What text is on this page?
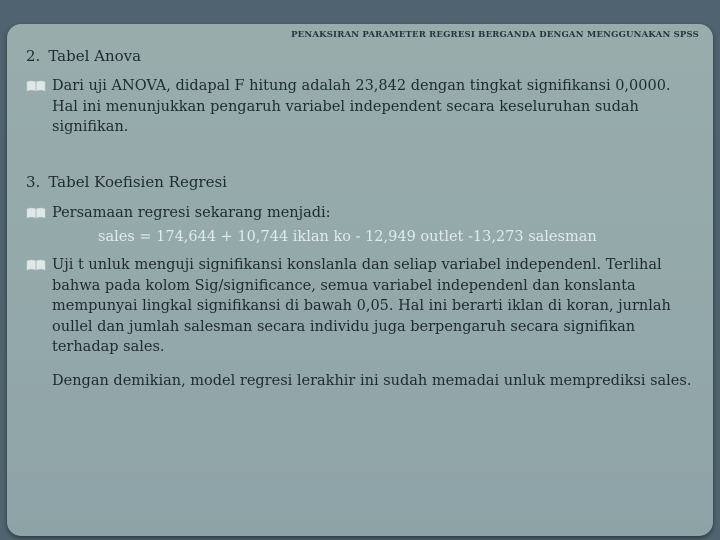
PENAKSIRAN PARAMETER REGRESI BERGANDA DENGAN MENGGUNAKAN SPSS
2. Tabel Anova
Dari uji ANOVA, didapal F hitung adalah 23,842 dengan tingkat signifikansi 0,0000. Hal ini menunjukkan pengaruh variabel independent secara keseluruhan sudah signifikan.
3. Tabel Koefisien Regresi
Persamaan regresi sekarang menjadi:
sales = 174,644 + 10,744 iklan ko - 12,949 outlet -13,273 salesman
Uji t unluk menguji signifikansi konslanla dan seliap variabel independenl. Terlihal bahwa pada kolom Sig/significance, semua variabel independenl dan konslanta mempunyai lingkal signifikansi di bawah 0,05. Hal ini berarti iklan di koran, jurnlah oullel dan jumlah salesman secara individu juga berpengaruh secara signifikan terhadap sales.
Dengan demikian, model regresi lerakhir ini sudah memadai unluk memprediksi sales.
